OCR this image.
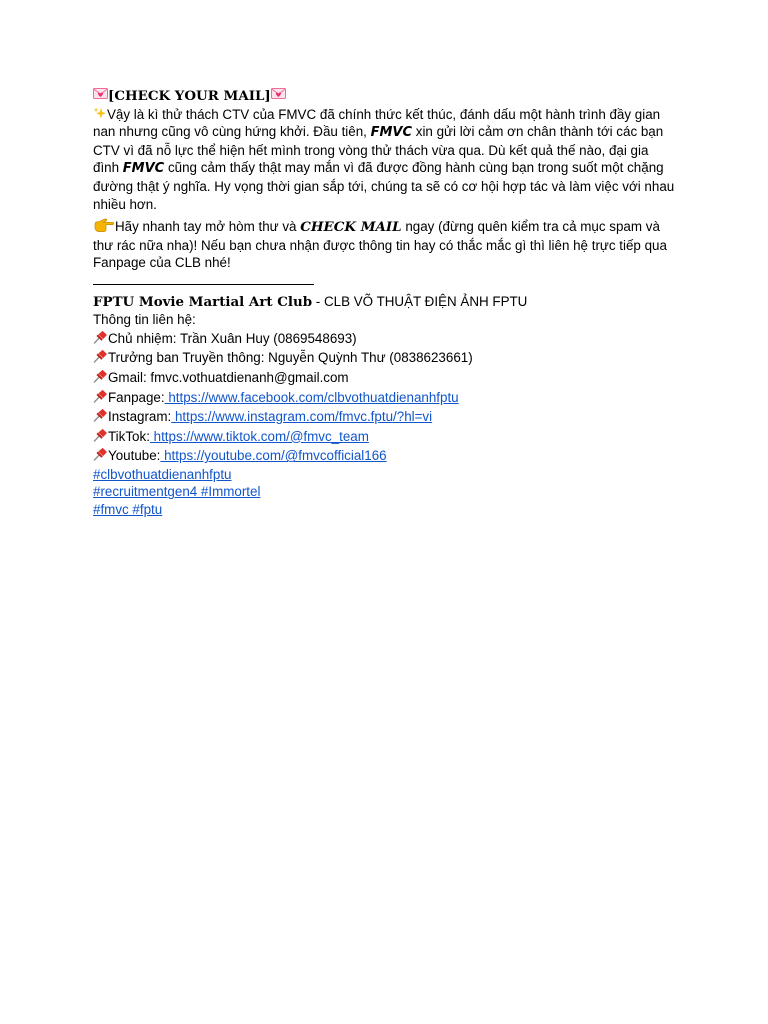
[CHECK YOUR MAIL]

Vậy là kì thử thách CTV của FMVC đã chính thức kết thúc, đánh dấu một hành trình đầy gian nan nhưng cũng vô cùng hứng khởi. Đầu tiên, FMVC xin gửi lời cảm ơn chân thành tới các bạn CTV vì đã nỗ lực thể hiện hết mình trong vòng thử thách vừa qua. Dù kết quả thế nào, đại gia đình FMVC cũng cảm thấy thật may mắn vì đã được đồng hành cùng bạn trong suốt một chặng đường thật ý nghĩa. Hy vọng thời gian sắp tới, chúng ta sẽ có cơ hội hợp tác và làm việc với nhau nhiều hơn.

Hãy nhanh tay mở hòm thư và CHECK MAIL ngay (đừng quên kiểm tra cả mục spam và thư rác nữa nha)! Nếu bạn chưa nhận được thông tin hay có thắc mắc gì thì liên hệ trực tiếp qua Fanpage của CLB nhé!

FPTU Movie Martial Art Club - CLB VÕ THUẬT ĐIỆN ẢNH FPTU

Thông tin liên hệ:

Chủ nhiệm: Trần Xuân Huy (0869548693)

Trưởng ban Truyền thông: Nguyễn Quỳnh Thư (0838623661)

Gmail: fmvc.vothuatdienanh@gmail.com

Fanpage: https://www.facebook.com/clbvothuatdienanhfptu

Instagram: https://www.instagram.com/fmvc.fptu/?hl=vi

TikTok: https://www.tiktok.com/@fmvc_team

Youtube: https://youtube.com/@fmvcofficial166

#clbvothuatdienanhfptu

#recruitmentgen4 #Immortel

#fmvc #fptu
